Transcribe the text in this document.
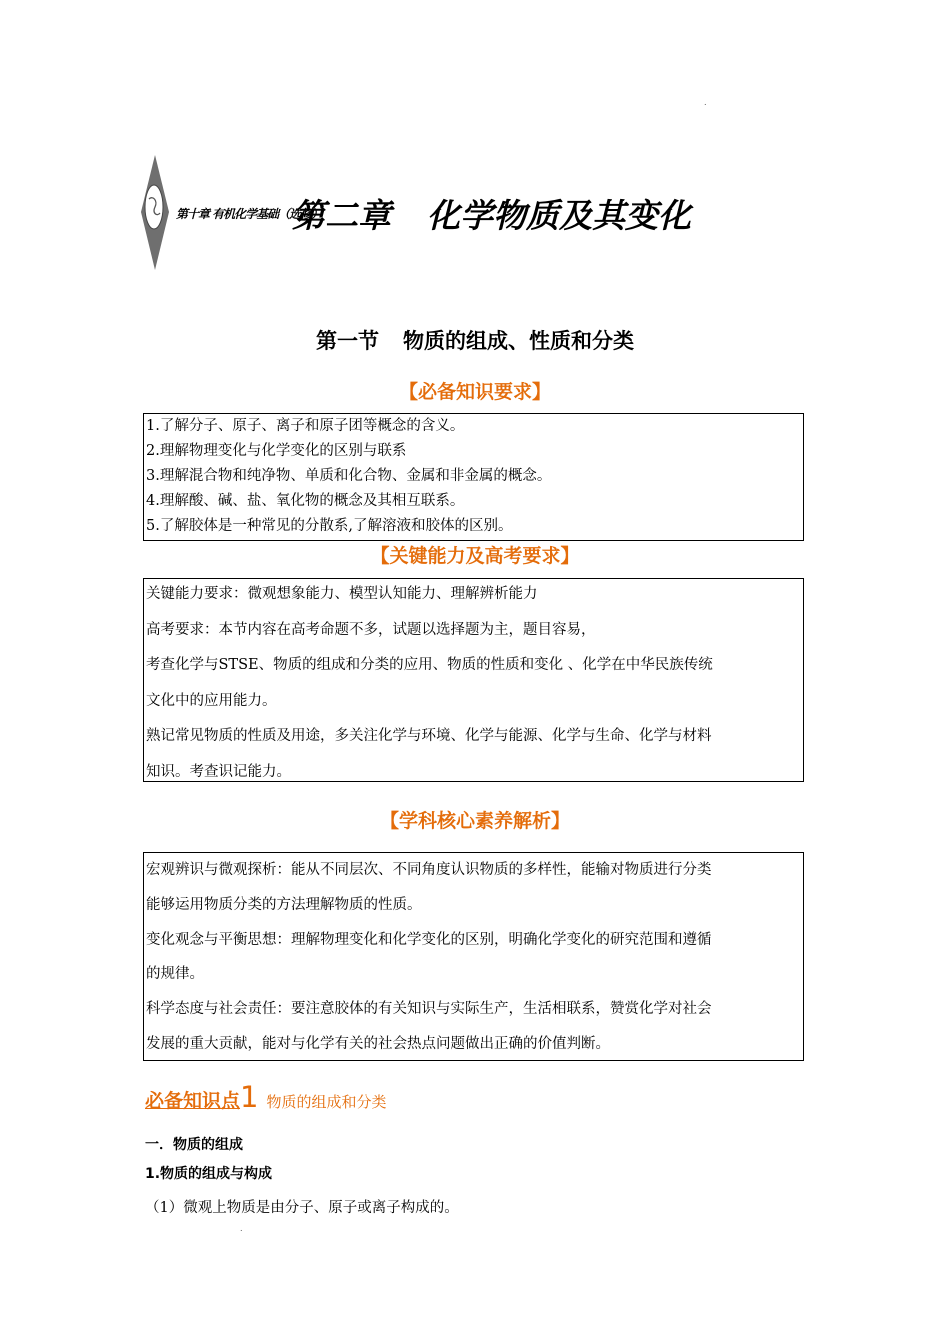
.
第十章 有机化学基础（选修）
第二章 化学物质及其变化
第一节 物质的组成、性质和分类
【必备知识要求】
1.了解分子、原子、离子和原子团等概念的含义。
2.理解物理变化与化学变化的区别与联系
3.理解混合物和纯净物、单质和化合物、金属和非金属的概念。
4.理解酸、碱、盐、氧化物的概念及其相互联系。
5.了解胶体是一种常见的分散系,了解溶液和胶体的区别。
【关键能力及高考要求】
关键能力要求：微观想象能力、模型认知能力、理解辨析能力
高考要求：本节内容在高考命题不多，试题以选择题为主，题目容易，
考查化学与STSE、物质的组成和分类的应用、物质的性质和变化 、化学在中华民族传统
文化中的应用能力。
熟记常见物质的性质及用途，多关注化学与环境、化学与能源、化学与生命、化学与材料
知识。考查识记能力。
【学科核心素养解析】
宏观辨识与微观探析：能从不同层次、不同角度认识物质的多样性，能输对物质进行分类
能够运用物质分类的方法理解物质的性质。
变化观念与平衡思想：理解物理变化和化学变化的区别，明确化学变化的研究范围和遵循
的规律。
科学态度与社会责任：要注意胶体的有关知识与实际生产，生活相联系，赞赏化学对社会
发展的重大贡献，能对与化学有关的社会热点问题做出正确的价值判断。
必备知识点1 物质的组成和分类
一．物质的组成
1.物质的组成与构成
（1）微观上物质是由分子、原子或离子构成的。
.
